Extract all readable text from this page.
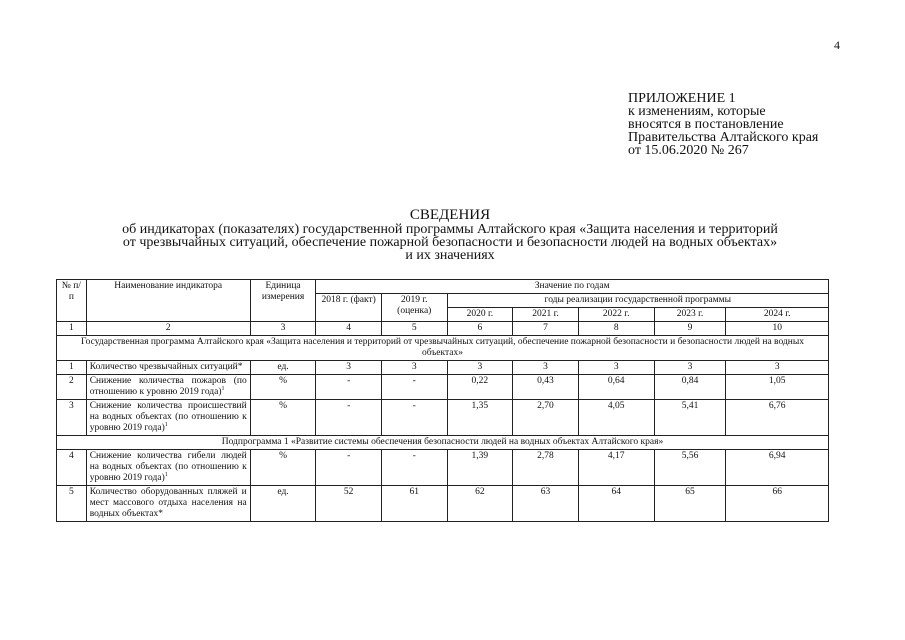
4
ПРИЛОЖЕНИЕ 1
к изменениям, которые
вносятся в постановление
Правительства Алтайского края
от 15.06.2020 № 267
СВЕДЕНИЯ
об индикаторах (показателях) государственной программы Алтайского края «Защита населения и территорий
от чрезвычайных ситуаций, обеспечение пожарной безопасности и безопасности людей на водных объектах»
и их значениях
№ п/п	Наименование индикатора	Единица измерения	Значение по годам						
			2018 г. (факт)	2019 г. (оценка)	годы реализации государственной программы				
					2020 г.	2021 г.	2022 г.	2023 г.	2024 г.
1	2	3	4	5	6	7	8	9	10
Государственная программа Алтайского края «Защита населения и территорий от чрезвычайных ситуаций, обеспечение пожарной безопасности и безопасности людей на водных объектах»									
1	Количество чрезвычайных ситуаций*	ед.	3	3	3	3	3	3	3
2	Снижение количества пожаров (по отношению к уровню 2019 года)$^1$	%	-	-	0,22	0,43	0,64	0,84	1,05
3	Снижение количества происшествий на водных объектах (по отношению к уровню 2019 года)$^1$	%	-	-	1,35	2,70	4,05	5,41	6,76
Подпрограмма 1 «Развитие системы обеспечения безопасности людей на водных объектах Алтайского края»									
4	Снижение количества гибели людей на водных объектах (по отношению к уровню 2019 года)$^1$	%	-	-	1,39	2,78	4,17	5,56	6,94
5	Количество оборудованных пляжей и мест массового отдыха населения на водных объектах*	ед.	52	61	62	63	64	65	66
